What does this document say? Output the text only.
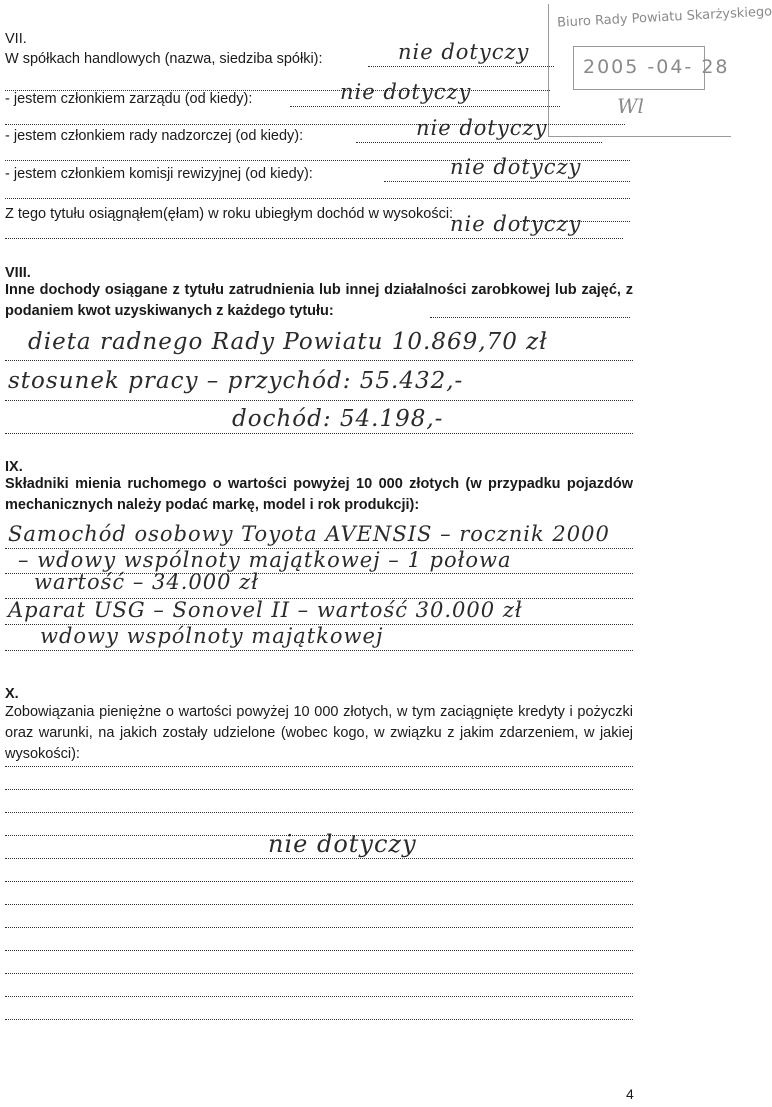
Biuro Rady Powiatu Skarżyskiego
2005 -04- 28
Wl
VII.
W spółkach handlowych (nazwa, siedziba spółki):	nie dotyczy
- jestem członkiem zarządu (od kiedy):	nie dotyczy
- jestem członkiem rady nadzorczej (od kiedy):	nie dotyczy
- jestem członkiem komisji rewizyjnej (od kiedy):	nie dotyczy
Z tego tytułu osiągnąłem(ęłam) w roku ubiegłym dochód w wysokości:
nie dotyczy
VIII.
Inne dochody osiągane z tytułu zatrudnienia lub innej działalności zarobkowej lub zajęć, z podaniem kwot uzyskiwanych z każdego tytułu:
dieta radnego Rady Powiatu 10.869,70 zł
stosunek pracy – przychód: 55.432,-
dochód: 54.198,-
IX.
Składniki mienia ruchomego o wartości powyżej 10 000 złotych (w przypadku pojazdów mechanicznych należy podać markę, model i rok produkcji):
Samochód osobowy Toyota AVENSIS – rocznik 2000
– wdowy wspólnoty majątkowej – 1 połowa
wartość – 34.000 zł
Aparat USG – Sonovel II – wartość 30.000 zł
wdowy wspólnoty majątkowej
X.
Zobowiązania pieniężne o wartości powyżej 10 000 złotych, w tym zaciągnięte kredyty i pożyczki oraz warunki, na jakich zostały udzielone (wobec kogo, w związku z jakim zdarzeniem, w jakiej wysokości):
nie dotyczy
4
